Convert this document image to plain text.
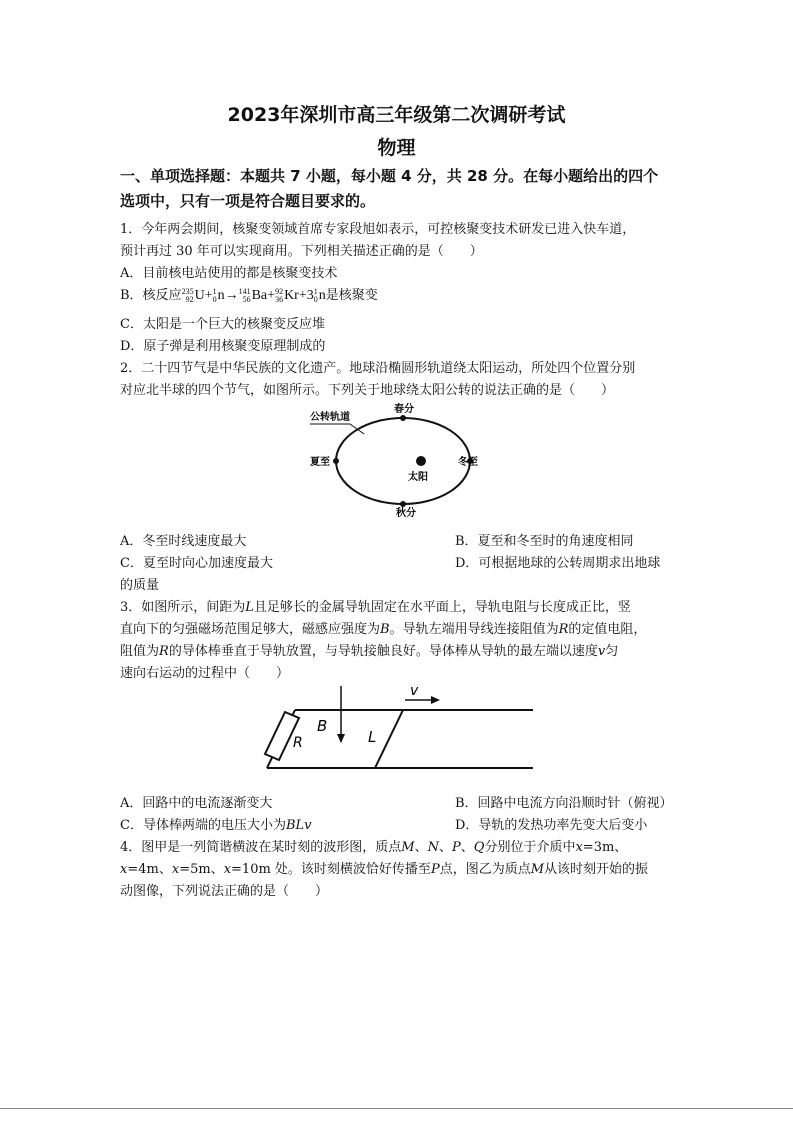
2023年深圳市高三年级第二次调研考试
物理
一、单项选择题：本题共 7 小题，每小题 4 分，共 28 分。在每小题给出的四个
选项中，只有一项是符合题目要求的。
1．今年两会期间，核聚变领域首席专家段旭如表示，可控核聚变技术研发已进入快车道，
预计再过 30 年可以实现商用。下列相关描述正确的是（　　）
A．目前核电站使用的都是核聚变技术
B．核反应235
92U+1
0n→141
56Ba+92
36Kr+31
0n是核聚变
C．太阳是一个巨大的核聚变反应堆
D．原子弹是利用核聚变原理制成的
2．二十四节气是中华民族的文化遗产。地球沿椭圆形轨道绕太阳运动，所处四个位置分别
对应北半球的四个节气，如图所示。下列关于地球绕太阳公转的说法正确的是（　　）
公转轨道
春分
夏至
太阳
冬至
秋分
A．冬至时线速度最大	B．夏至和冬至时的角速度相同
C．夏至时向心加速度最大	D．可根据地球的公转周期求出地球
的质量
3．如图所示，间距为L且足够长的金属导轨固定在水平面上，导轨电阻与长度成正比，竖
直向下的匀强磁场范围足够大，磁感应强度为B。导轨左端用导线连接阻值为R的定值电阻，
阻值为R的导体棒垂直于导轨放置，与导轨接触良好。导体棒从导轨的最左端以速度v匀
速向右运动的过程中（　　）
R
B
L
v
A．回路中的电流逐渐变大	B．回路中电流方向沿顺时针（俯视）
C．导体棒两端的电压大小为BLv	D．导轨的发热功率先变大后变小
4．图甲是一列简谐横波在某时刻的波形图，质点M、N、P、Q分别位于介质中x=3m、
x=4m、x=5m、x=10m 处。该时刻横波恰好传播至P点，图乙为质点M从该时刻开始的振
动图像，下列说法正确的是（　　）
